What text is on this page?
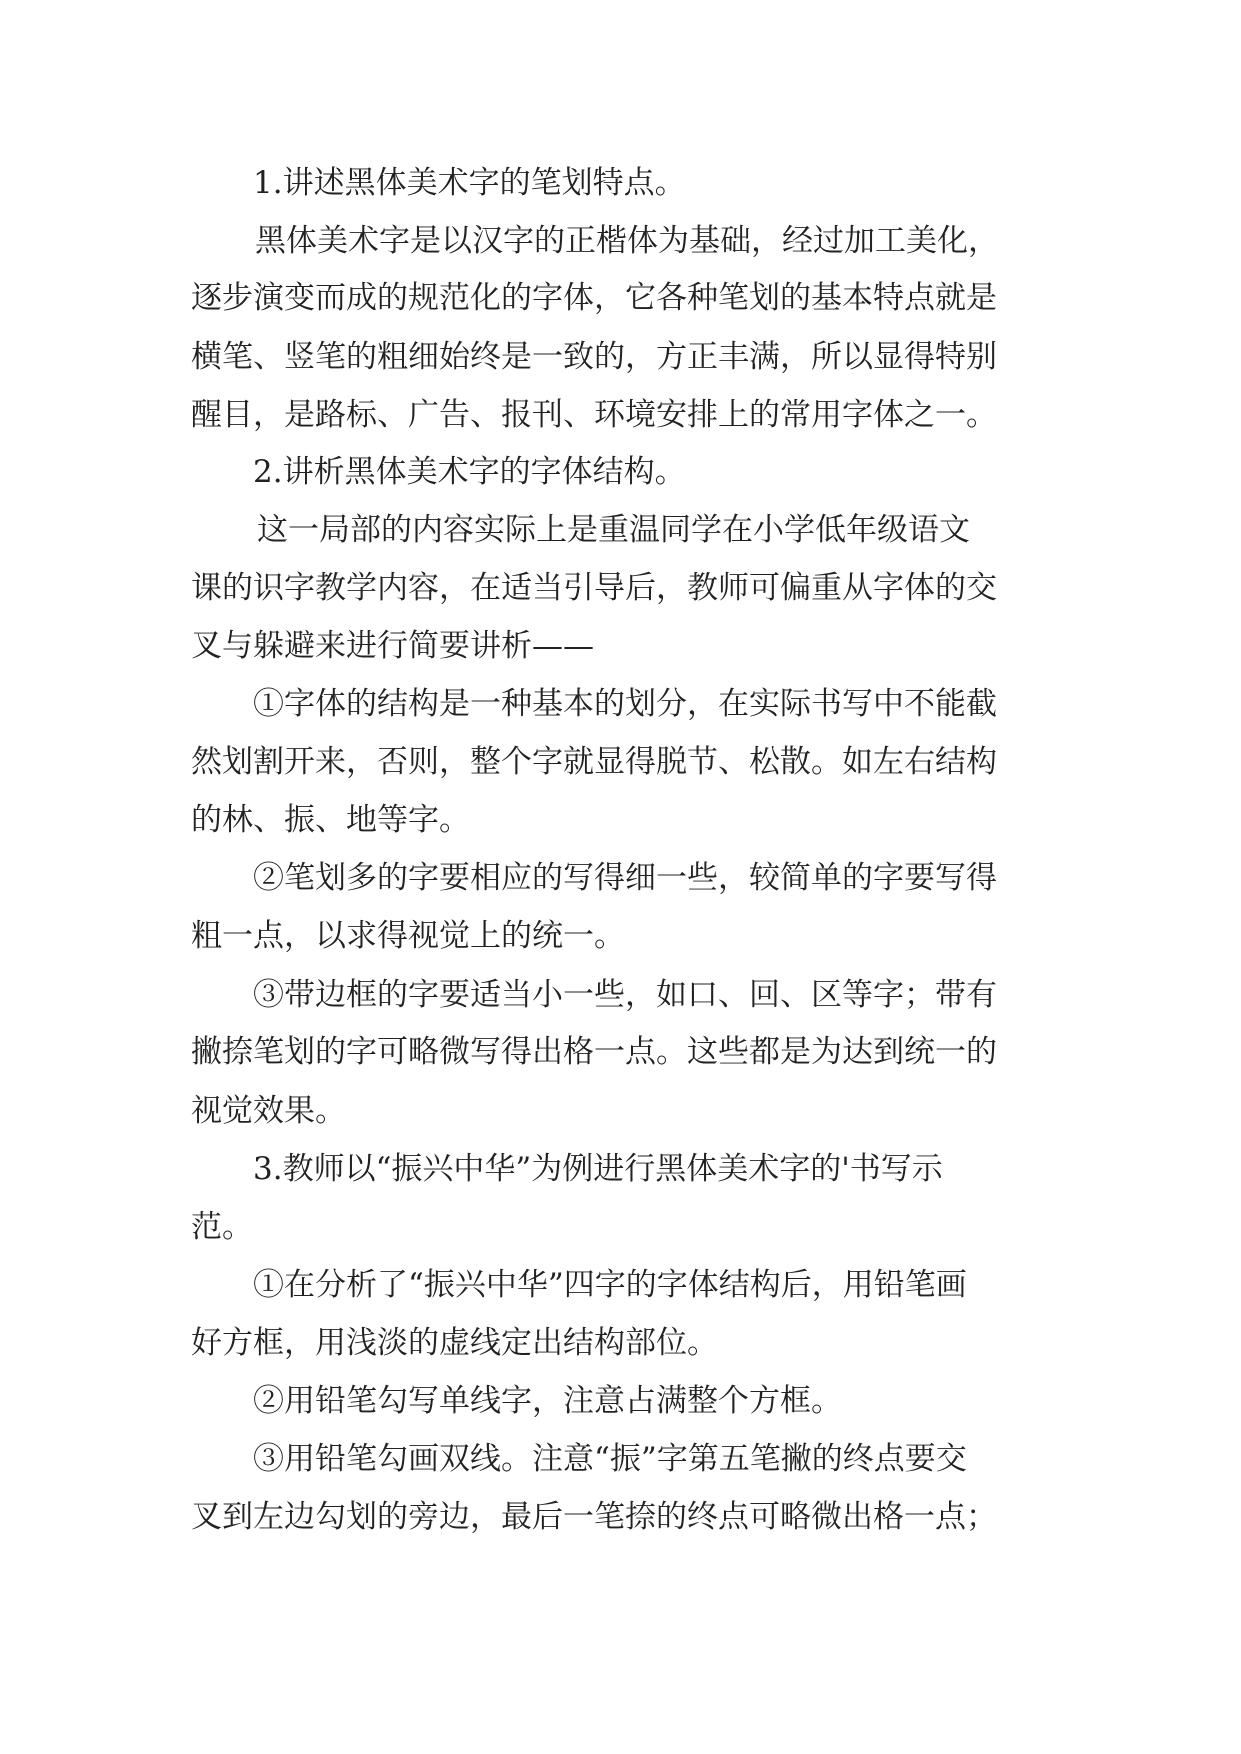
1.讲述黑体美术字的笔划特点。

黑体美术字是以汉字的正楷体为基础，经过加工美化，

逐步演变而成的规范化的字体，它各种笔划的基本特点就是

横笔、竖笔的粗细始终是一致的，方正丰满，所以显得特别

醒目，是路标、广告、报刊、环境安排上的常用字体之一。

2.讲析黑体美术字的字体结构。

这一局部的内容实际上是重温同学在小学低年级语文

课的识字教学内容，在适当引导后，教师可偏重从字体的交

叉与躲避来进行简要讲析——

①字体的结构是一种基本的划分，在实际书写中不能截

然划割开来，否则，整个字就显得脱节、松散。如左右结构

的林、振、地等字。

②笔划多的字要相应的写得细一些，较简单的字要写得

粗一点，以求得视觉上的统一。

③带边框的字要适当小一些，如口、回、区等字；带有

撇捺笔划的字可略微写得出格一点。这些都是为达到统一的

视觉效果。

3.教师以“振兴中华”为例进行黑体美术字的'书写示

范。

①在分析了“振兴中华”四字的字体结构后，用铅笔画

好方框，用浅淡的虚线定出结构部位。

②用铅笔勾写单线字，注意占满整个方框。

③用铅笔勾画双线。注意“振”字第五笔撇的终点要交

叉到左边勾划的旁边，最后一笔捺的终点可略微出格一点；
